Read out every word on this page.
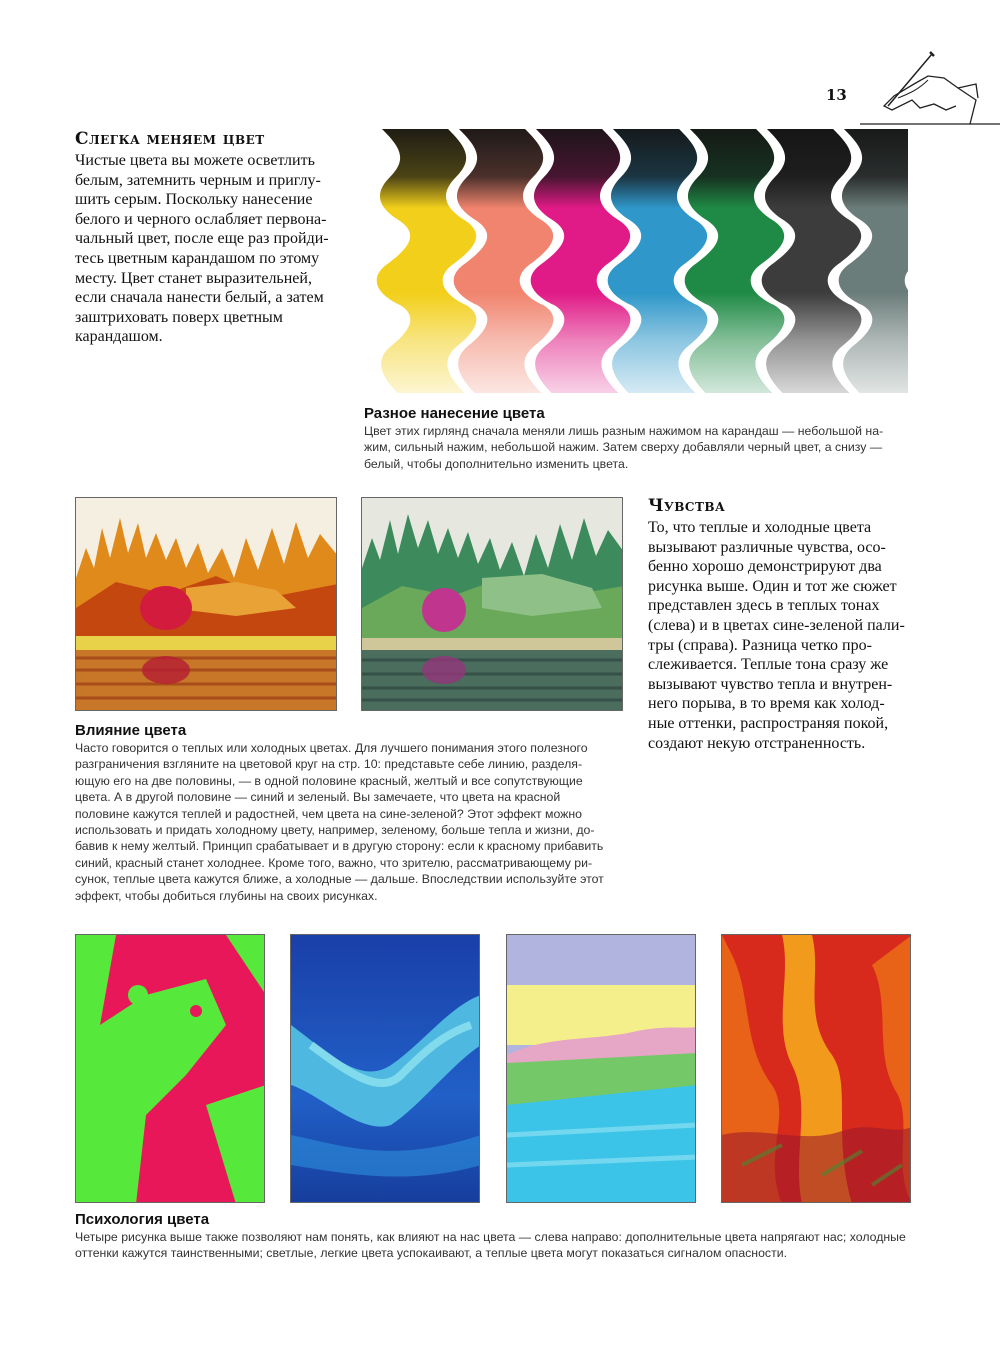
13
Слегка меняем цвет

Чистые цвета вы можете осветлить
белым, затемнить черным и приглу-
шить серым. Поскольку нанесение
белого и черного ослабляет первона-
чальный цвет, после еще раз пройди-
тесь цветным карандашом по этому
месту. Цвет станет выразительней,
если сначала нанести белый, а затем
заштриховать поверх цветным
карандашом.

Разное нанесение цвета

Цвет этих гирлянд сначала меняли лишь разным нажимом на карандаш — небольшой на-
жим, сильный нажим, небольшой нажим. Затем сверху добавляли черный цвет, а снизу —
белый, чтобы дополнительно изменить цвета.

Чувства

То, что теплые и холодные цвета
вызывают различные чувства, осо-
бенно хорошо демонстрируют два
рисунка выше. Один и тот же сюжет
представлен здесь в теплых тонах
(слева) и в цветах сине-зеленой пали-
тры (справа). Разница четко про-
слеживается. Теплые тона сразу же
вызывают чувство тепла и внутрен-
него порыва, в то время как холод-
ные оттенки, распространяя покой,
создают некую отстраненность.

Влияние цвета

Часто говорится о теплых или холодных цветах. Для лучшего понимания этого полезного
разграничения взгляните на цветовой круг на стр. 10: представьте себе линию, разделя-
ющую его на две половины, — в одной половине красный, желтый и все сопутствующие
цвета. А в другой половине — синий и зеленый. Вы замечаете, что цвета на красной
половине кажутся теплей и радостней, чем цвета на сине-зеленой? Этот эффект можно
использовать и придать холодному цвету, например, зеленому, больше тепла и жизни, до-
бавив к нему желтый. Принцип срабатывает и в другую сторону: если к красному прибавить
синий, красный станет холоднее. Кроме того, важно, что зрителю, рассматривающему ри-
сунок, теплые цвета кажутся ближе, а холодные — дальше. Впоследствии используйте этот
эффект, чтобы добиться глубины на своих рисунках.

Психология цвета

Четыре рисунка выше также позволяют нам понять, как влияют на нас цвета — слева направо: дополнительные цвета напрягают нас; холодные
оттенки кажутся таинственными; светлые, легкие цвета успокаивают, а теплые цвета могут показаться сигналом опасности.
